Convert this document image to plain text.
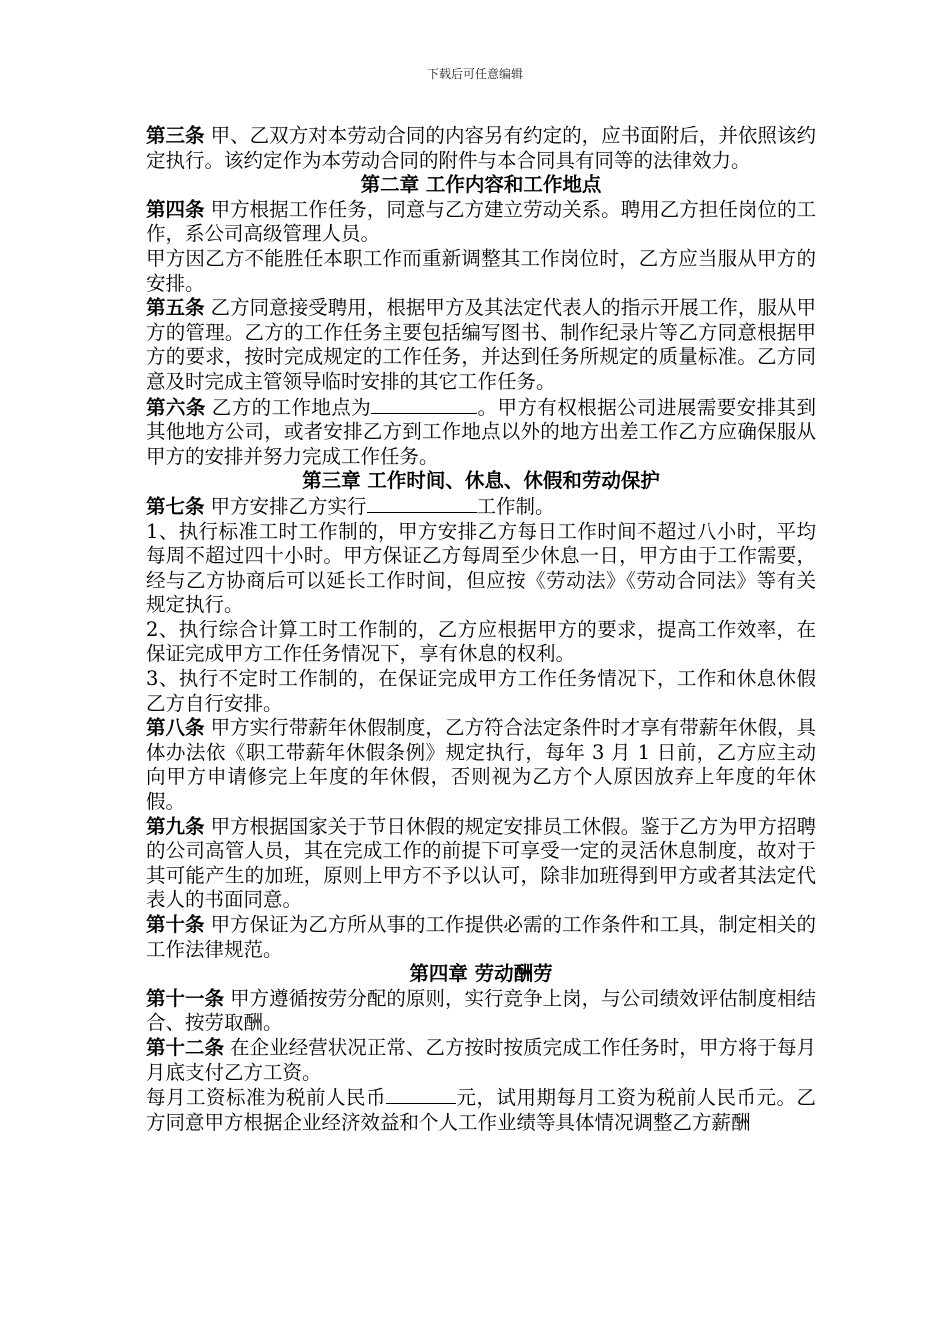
下载后可任意编辑

第三条 甲、乙双方对本劳动合同的内容另有约定的，应书面附后，并依照该约定执行。该约定作为本劳动合同的附件与本合同具有同等的法律效力。

第二章 工作内容和工作地点

第四条 甲方根据工作任务，同意与乙方建立劳动关系。聘用乙方担任岗位的工作，系公司高级管理人员。

甲方因乙方不能胜任本职工作而重新调整其工作岗位时，乙方应当服从甲方的安排。

第五条 乙方同意接受聘用，根据甲方及其法定代表人的指示开展工作，服从甲方的管理。乙方的工作任务主要包括编写图书、制作纪录片等乙方同意根据甲方的要求，按时完成规定的工作任务，并达到任务所规定的质量标准。乙方同意及时完成主管领导临时安排的其它工作任务。

第六条 乙方的工作地点为	。甲方有权根据公司进展需要安排其到其他地方公司，或者安排乙方到工作地点以外的地方出差工作乙方应确保服从甲方的安排并努力完成工作任务。

第三章 工作时间、休息、休假和劳动保护

第七条 甲方安排乙方实行	工作制。

1、执行标准工时工作制的，甲方安排乙方每日工作时间不超过八小时，平均每周不超过四十小时。甲方保证乙方每周至少休息一日，甲方由于工作需要，经与乙方协商后可以延长工作时间，但应按《劳动法》《劳动合同法》等有关规定执行。

2、执行综合计算工时工作制的，乙方应根据甲方的要求，提高工作效率，在保证完成甲方工作任务情况下，享有休息的权利。

3、执行不定时工作制的，在保证完成甲方工作任务情况下，工作和休息休假乙方自行安排。

第八条 甲方实行带薪年休假制度，乙方符合法定条件时才享有带薪年休假，具体办法依《职工带薪年休假条例》规定执行，每年 3 月 1 日前，乙方应主动向甲方申请修完上年度的年休假，否则视为乙方个人原因放弃上年度的年休假。

第九条 甲方根据国家关于节日休假的规定安排员工休假。鉴于乙方为甲方招聘的公司高管人员，其在完成工作的前提下可享受一定的灵活休息制度，故对于其可能产生的加班，原则上甲方不予以认可，除非加班得到甲方或者其法定代表人的书面同意。

第十条 甲方保证为乙方所从事的工作提供必需的工作条件和工具，制定相关的工作法律规范。

第四章 劳动酬劳

第十一条 甲方遵循按劳分配的原则，实行竞争上岗，与公司绩效评估制度相结合、按劳取酬。

第十二条 在企业经营状况正常、乙方按时按质完成工作任务时，甲方将于每月月底支付乙方工资。

每月工资标准为税前人民币	元，试用期每月工资为税前人民币元。乙方同意甲方根据企业经济效益和个人工作业绩等具体情况调整乙方薪酬
